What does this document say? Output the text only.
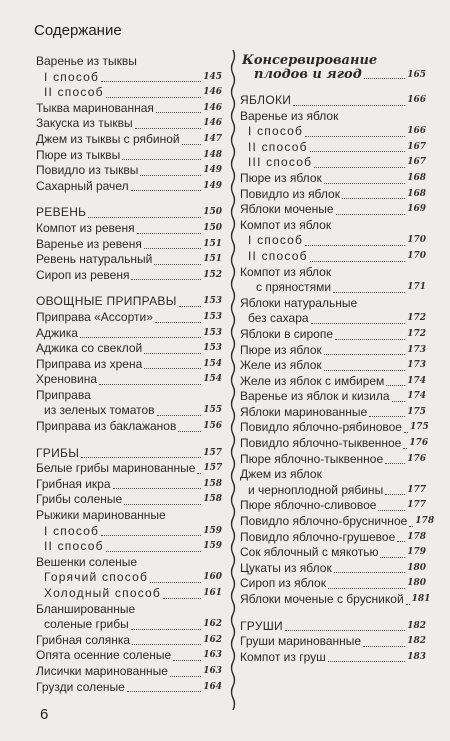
Содержание
Варенье из тыквы
I способ	145
II способ	146
Тыква маринованная	146
Закуска из тыквы	146
Джем из тыквы с рябиной	147
Пюре из тыквы	148
Повидло из тыквы	149
Сахарный рачел	149
РЕВЕНЬ	150
Компот из ревеня	150
Варенье из ревеня	151
Ревень натуральный	151
Сироп из ревеня	152
ОВОЩНЫЕ ПРИПРАВЫ	153
Приправа «Ассорти»	153
Аджика	153
Аджика со свеклой	153
Приправа из хрена	154
Хреновина	154
Приправа
из зеленых томатов	155
Приправа из баклажанов	156
ГРИБЫ	157
Белые грибы маринованные 157
Грибная икра	158
Грибы соленые	158
Рыжики маринованные
I способ	159
II способ	159
Вешенки соленые
Горячий способ	160
Холодный способ	161
Бланшированные
соленые грибы	162
Грибная солянка	162
Опята осенние соленые	163
Лисички маринованные	163
Грузди соленые	164
Консервирование
плодов и ягод	165
ЯБЛОКИ	166
Варенье из яблок
I способ	166
II способ	167
III способ	167
Пюре из яблок	168
Повидло из яблок	168
Яблоки моченые	169
Компот из яблок
I способ	170
II способ	170
Компот из яблок
с пряностями	171
Яблоки натуральные
без сахара	172
Яблоки в сиропе	172
Пюре из яблок	173
Желе из яблок	173
Желе из яблок с имбирем	174
Варенье из яблок и кизила 174
Яблоки маринованные	175
Повидло яблочно-рябиновое 175
Повидло яблочно-тыквенное 176
Пюре яблочно-тыквенное	176
Джем из яблок
и черноплодной рябины	177
Пюре яблочно-сливовое	177
Повидло яблочно-брусничное 178
Повидло яблочно-грушевое 178
Сок яблочный с мякотью	179
Цукаты из яблок	180
Сироп из яблок	180
Яблоки моченые с брусникой 181
ГРУШИ	182
Груши маринованные	182
Компот из груш	183
6
